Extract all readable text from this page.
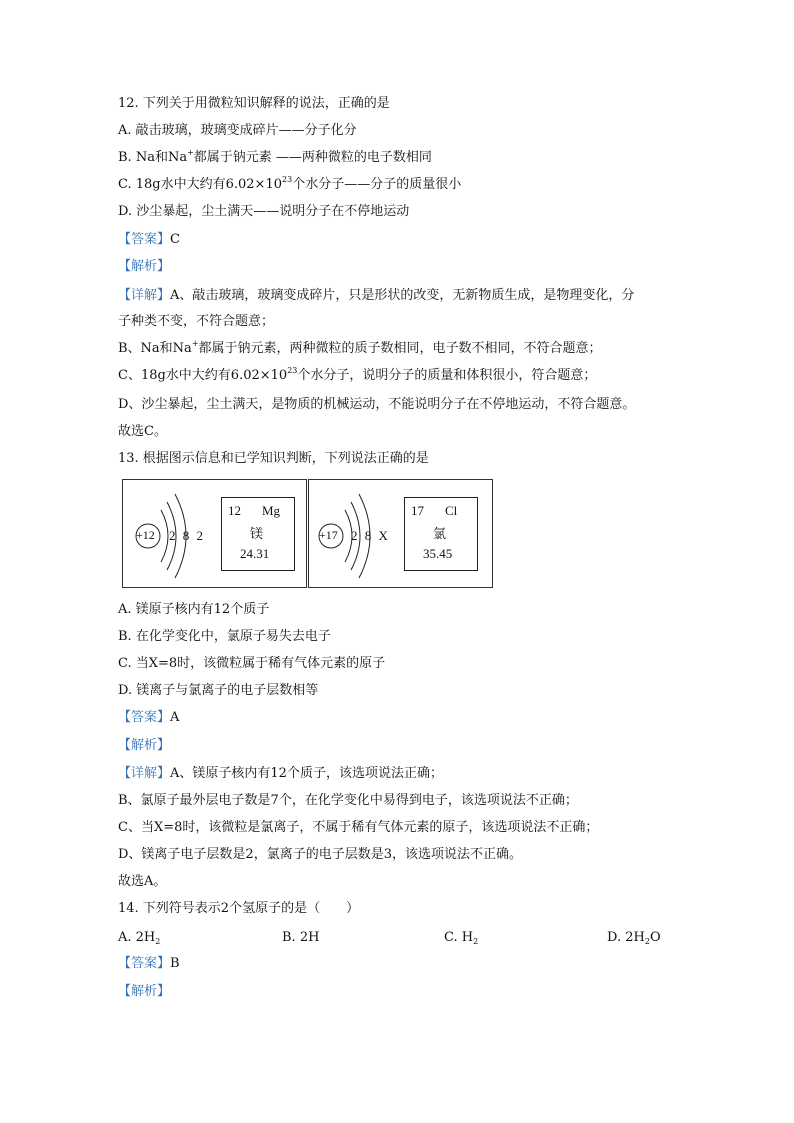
12. 下列关于用微粒知识解释的说法，正确的是
A. 敲击玻璃，玻璃变成碎片——分子化分
B. Na和Na+都属于钠元素 ——两种微粒的电子数相同
C. 18g水中大约有$6.02\times 10^{23}$个水分子——分子的质量很小
D. 沙尘暴起，尘土满天——说明分子在不停地运动
【答案】C
【解析】
【详解】A、敲击玻璃，玻璃变成碎片，只是形状的改变，无新物质生成，是物理变化，分
子种类不变，不符合题意；
B、Na和Na+都属于钠元素，两种微粒的质子数相同，电子数不相同，不符合题意；
C、18g水中大约有$6.02\times 10^{23}$个水分子，说明分子的质量和体积很小，符合题意；
D、沙尘暴起，尘土满天，是物质的机械运动，不能说明分子在不停地运动，不符合题意。
故选C。
13. 根据图示信息和已学知识判断，下列说法正确的是
+12 2 8 2
12 Mg
镁
24.31
+17 2 8 X
17 Cl
氯
35.45
A. 镁原子核内有12个质子
B. 在化学变化中，氯原子易失去电子
C. 当X=8时，该微粒属于稀有气体元素的原子
D. 镁离子与氯离子的电子层数相等
【答案】A
【解析】
【详解】A、镁原子核内有12个质子，该选项说法正确；
B、氯原子最外层电子数是7个，在化学变化中易得到电子，该选项说法不正确；
C、当X=8时，该微粒是氯离子，不属于稀有气体元素的原子，该选项说法不正确；
D、镁离子电子层数是2，氯离子的电子层数是3，该选项说法不正确。
故选A。
14. 下列符号表示2个氢原子的是（　　）
A. $2H_2$	B. 2H	C. $H_2$	D. $2H_2O$
【答案】B
【解析】
